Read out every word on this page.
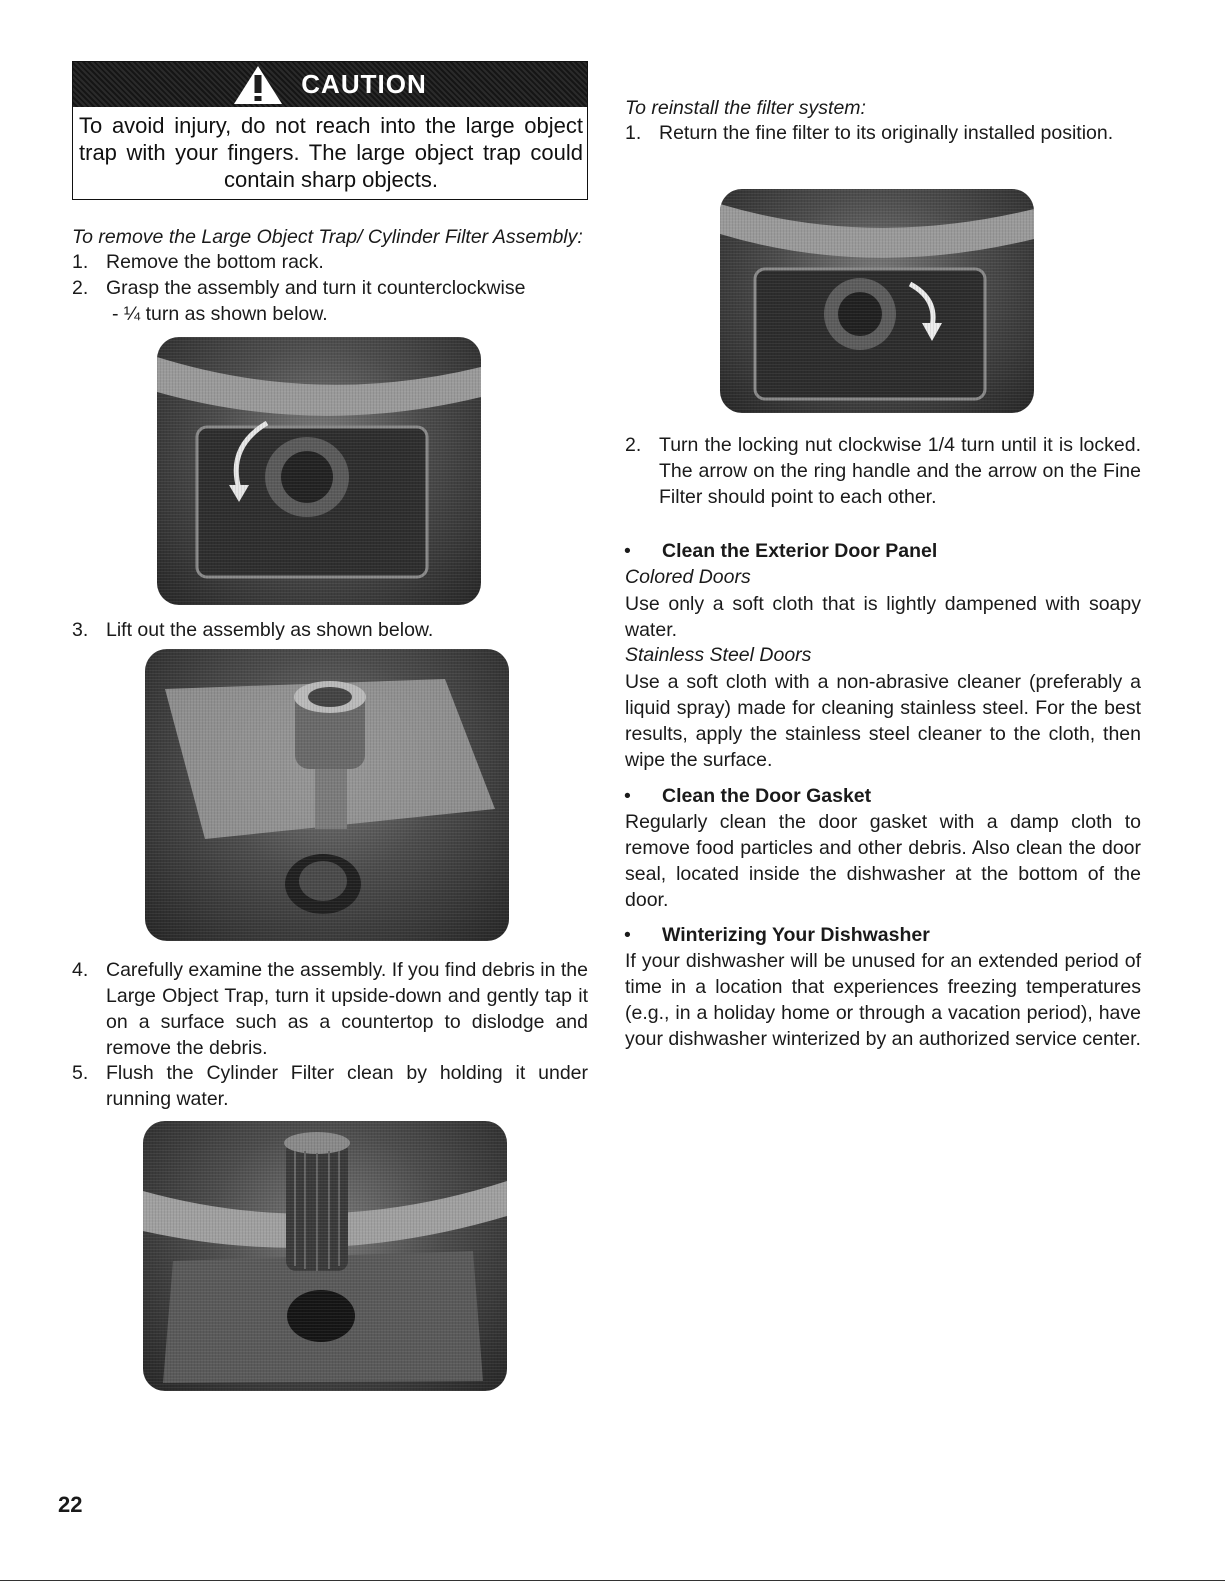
CAUTION
To avoid injury, do not reach into the large object trap with your fingers. The large object trap could contain sharp objects.

To remove the Large Object Trap/ Cylinder Filter Assembly:

1. Remove the bottom rack.
2. Grasp the assembly and turn it counterclockwise

- ¼ turn as shown below.

3. Lift out the assembly as shown below.
4. Carefully examine the assembly. If you find debris in the Large Object Trap, turn it upside-down and gently tap it on a surface such as a countertop to dislodge and remove the debris.
5. Flush the Cylinder Filter clean by holding it under running water.

To reinstall the filter system:

1. Return the fine filter to its originally installed position.
2. Turn the locking nut clockwise 1/4 turn until it is locked. The arrow on the ring handle and the arrow on the Fine Filter should point to each other.
•	Clean the Exterior Door Panel

Colored Doors

Use only a soft cloth that is lightly dampened with soapy water.

Stainless Steel Doors

Use a soft cloth with a non-abrasive cleaner (preferably a liquid spray) made for cleaning stainless steel. For the best results, apply the stainless steel cleaner to the cloth, then wipe the surface.

•	Clean the Door Gasket

Regularly clean the door gasket with a damp cloth to remove food particles and other debris. Also clean the door seal, located inside the dishwasher at the bottom of the door.

•	Winterizing Your Dishwasher

If your dishwasher will be unused for an extended period of time in a location that experiences freezing temperatures (e.g., in a holiday home or through a vacation period), have your dishwasher winterized by an authorized service center.

22
